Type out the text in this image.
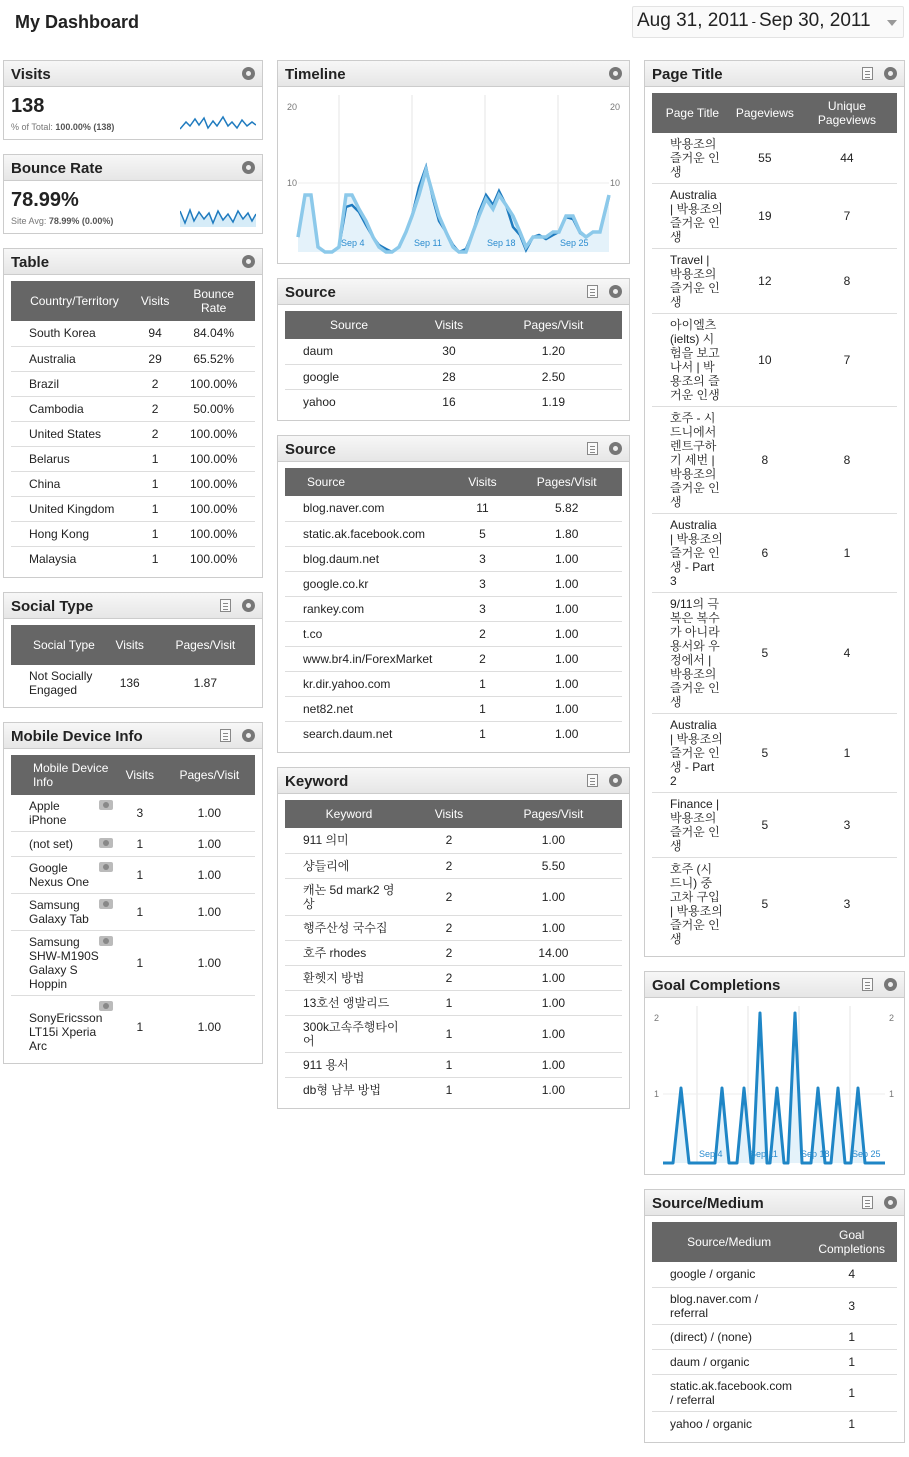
My Dashboard	Aug 31, 2011 - Sep 30, 2011
Visits
138
% of Total: 100.00% (138)
Bounce Rate
78.99%
Site Avg: 78.99% (0.00%)
Table
Country/Territory	Visits	Bounce Rate
South Korea	94	84.04%
Australia	29	65.52%
Brazil	2	100.00%
Cambodia	2	50.00%
United States	2	100.00%
Belarus	1	100.00%
China	1	100.00%
United Kingdom	1	100.00%
Hong Kong	1	100.00%
Malaysia	1	100.00%
Social Type
Social Type	Visits	Pages/Visit
Not Socially Engaged	136	1.87
Mobile Device Info
Mobile Device Info	Visits	Pages/Visit

Apple iPhone	3	1.00

(not set)	1	1.00

Google Nexus One	1	1.00

Samsung Galaxy Tab	1	1.00

Samsung SHW-M190S Galaxy S Hoppin	1	1.00

SonyEricsson LT15i Xperia Arc	1	1.00
Timeline
20	20
10	10
Sep 4	Sep 11	Sep 18	Sep 25
Source
Source	Visits	Pages/Visit
daum	30	1.20
google	28	2.50
yahoo	16	1.19
Source
Source	Visits	Pages/Visit
blog.naver.com	11	5.82
static.ak.facebook.com	5	1.80
blog.daum.net	3	1.00
google.co.kr	3	1.00
rankey.com	3	1.00
t.co	2	1.00
www.br4.in/ForexMarket	2	1.00
kr.dir.yahoo.com	1	1.00
net82.net	1	1.00
search.daum.net	1	1.00
Keyword
Keyword	Visits	Pages/Visit
911 의미	2	1.00
샹들리에	2	5.50
캐논 5d mark2 영상	2	1.00
행주산성 국수집	2	1.00
호주 rhodes	2	14.00
환헷지 방법	2	1.00
13호선 앵발리드	1	1.00
300k고속주행타이어	1	1.00
911 용서	1	1.00
db형 남부 방법	1	1.00
Page Title
Page Title	Pageviews	Unique Pageviews
박용조의 즐거운 인생	55	44
Australia | 박용조의 즐거운 인생	19	7
Travel | 박용조의 즐거운 인생	12	8
아이엘츠(ielts) 시험을 보고나서 | 박용조의 즐거운 인생	10	7
호주 - 시드니에서 렌트구하기 세번 | 박용조의 즐거운 인생	8	8
Australia | 박용조의 즐거운 인생 - Part 3	6	1
9/11의 극복은 복수가 아니라 용서와 우정에서 | 박용조의 즐거운 인생	5	4
Australia | 박용조의 즐거운 인생 - Part 2	5	1
Finance | 박용조의 즐거운 인생	5	3
호주 (시드니) 중고차 구입 | 박용조의 즐거운 인생	5	3
Goal Completions
2	2
1	1
Sep 4	Sep 11	Sep 18 Sep 25
Source/Medium
Source/Medium	Goal Completions
google / organic	4
blog.naver.com / referral	3
(direct) / (none)	1
daum / organic	1
static.ak.facebook.com / referral	1
yahoo / organic	1
